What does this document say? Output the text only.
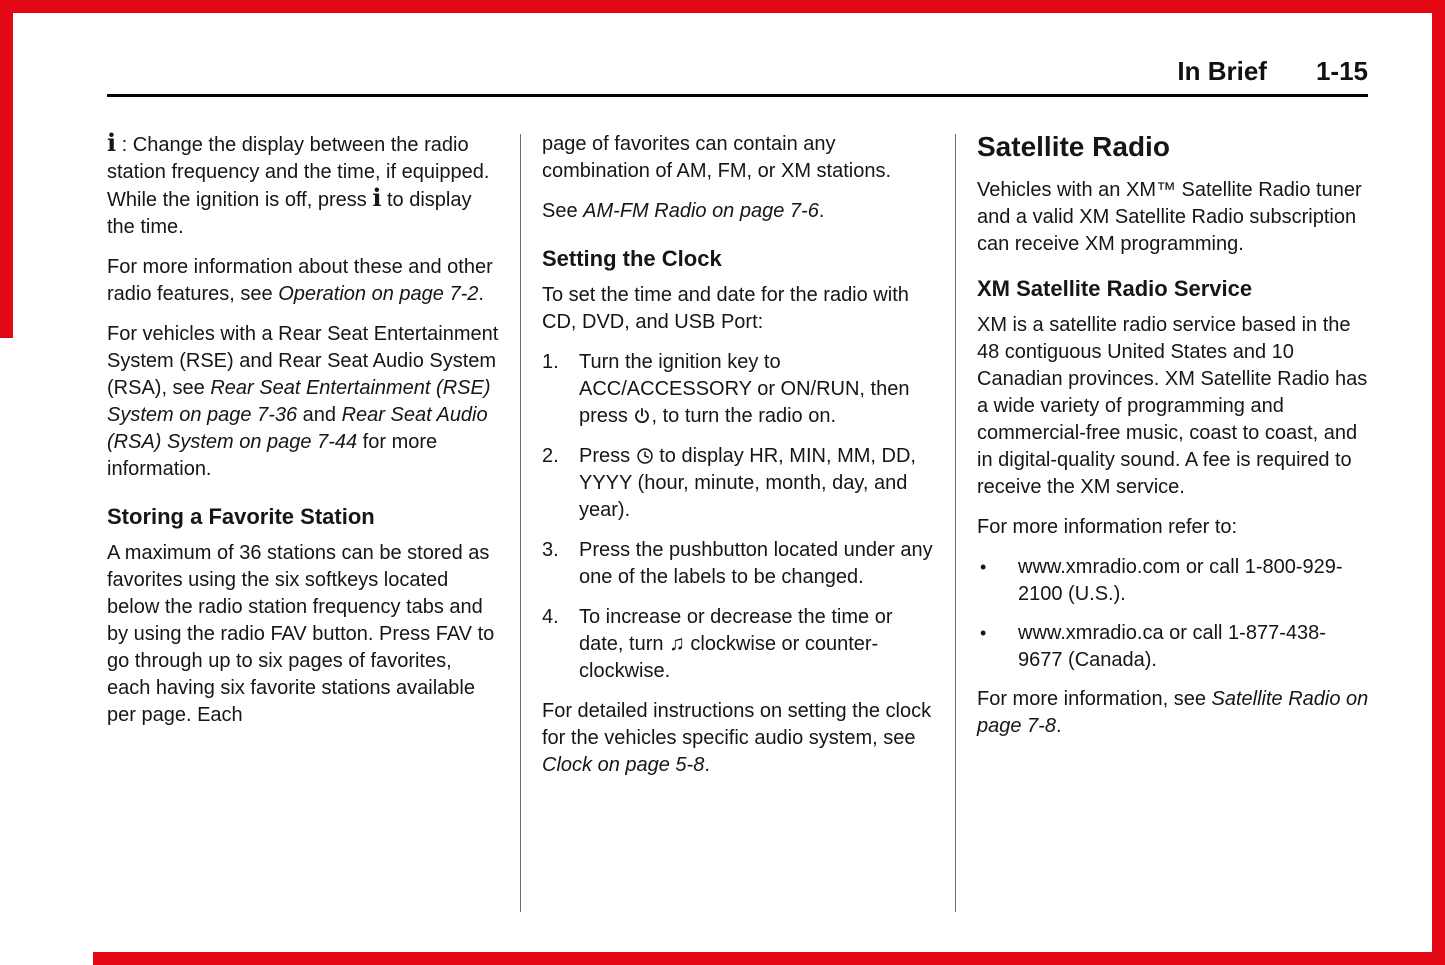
In Brief 1-15

i : Change the display between the radio station frequency and the time, if equipped. While the ignition is off, press i to display the time.

For more information about these and other radio features, see Operation on page 7-2.

For vehicles with a Rear Seat Entertainment System (RSE) and Rear Seat Audio System (RSA), see Rear Seat Entertainment (RSE) System on page 7-36 and Rear Seat Audio (RSA) System on page 7-44 for more information.

Storing a Favorite Station

A maximum of 36 stations can be stored as favorites using the six softkeys located below the radio station frequency tabs and by using the radio FAV button. Press FAV to go through up to six pages of favorites, each having six favorite stations available per page. Each

page of favorites can contain any combination of AM, FM, or XM stations.

See AM-FM Radio on page 7-6.

Setting the Clock

To set the time and date for the radio with CD, DVD, and USB Port:

1.	Turn the ignition key to ACC/ACCESSORY or ON/RUN, then press , to turn the radio on.
2.	Press  to display HR, MIN, MM, DD, YYYY (hour, minute, month, day, and year).
3.	Press the pushbutton located under any one of the labels to be changed.
4.	To increase or decrease the time or date, turn ♫ clockwise or counter-clockwise.

For detailed instructions on setting the clock for the vehicles specific audio system, see Clock on page 5-8.

Satellite Radio

Vehicles with an XM™ Satellite Radio tuner and a valid XM Satellite Radio subscription can receive XM programming.

XM Satellite Radio Service

XM is a satellite radio service based in the 48 contiguous United States and 10 Canadian provinces. XM Satellite Radio has a wide variety of programming and commercial-free music, coast to coast, and in digital-quality sound. A fee is required to receive the XM service.

For more information refer to:

•	www.xmradio.com or call 1-800-929-2100 (U.S.).
•	www.xmradio.ca or call 1-877-438-9677 (Canada).

For more information, see Satellite Radio on page 7-8.
